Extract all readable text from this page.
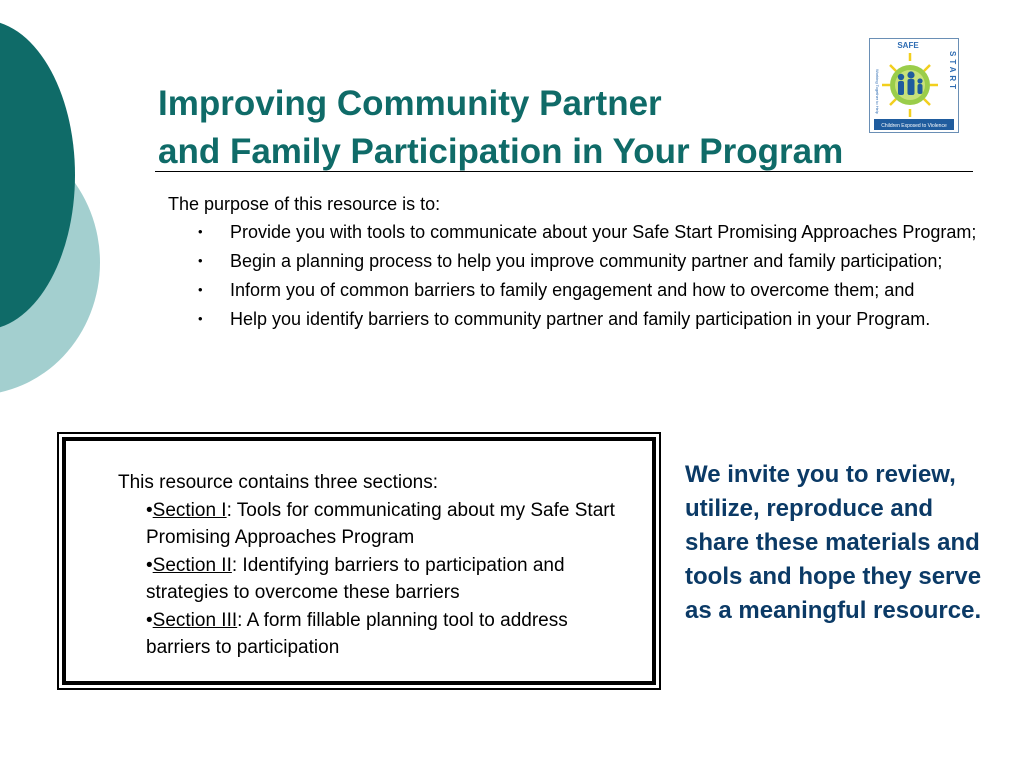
Improving Community Partner
and Family Participation in Your Program
SAFE
START
Working Together to Help
Children Exposed to Violence

The purpose of this resource is to:

• Provide you with tools to communicate about your Safe Start Promising Approaches Program;
• Begin a planning process to help you improve community partner and family participation;
• Inform you of common barriers to family engagement and how to overcome them; and
• Help you identify barriers to community partner and family participation in your Program.

This resource contains three sections:

•Section I: Tools for communicating about my Safe Start Promising Approaches Program

•Section II: Identifying barriers to participation and strategies to overcome these barriers

•Section III: A form fillable planning tool to address barriers to participation

We invite you to review, utilize, reproduce and share these materials and tools and hope they serve as a meaningful resource.
